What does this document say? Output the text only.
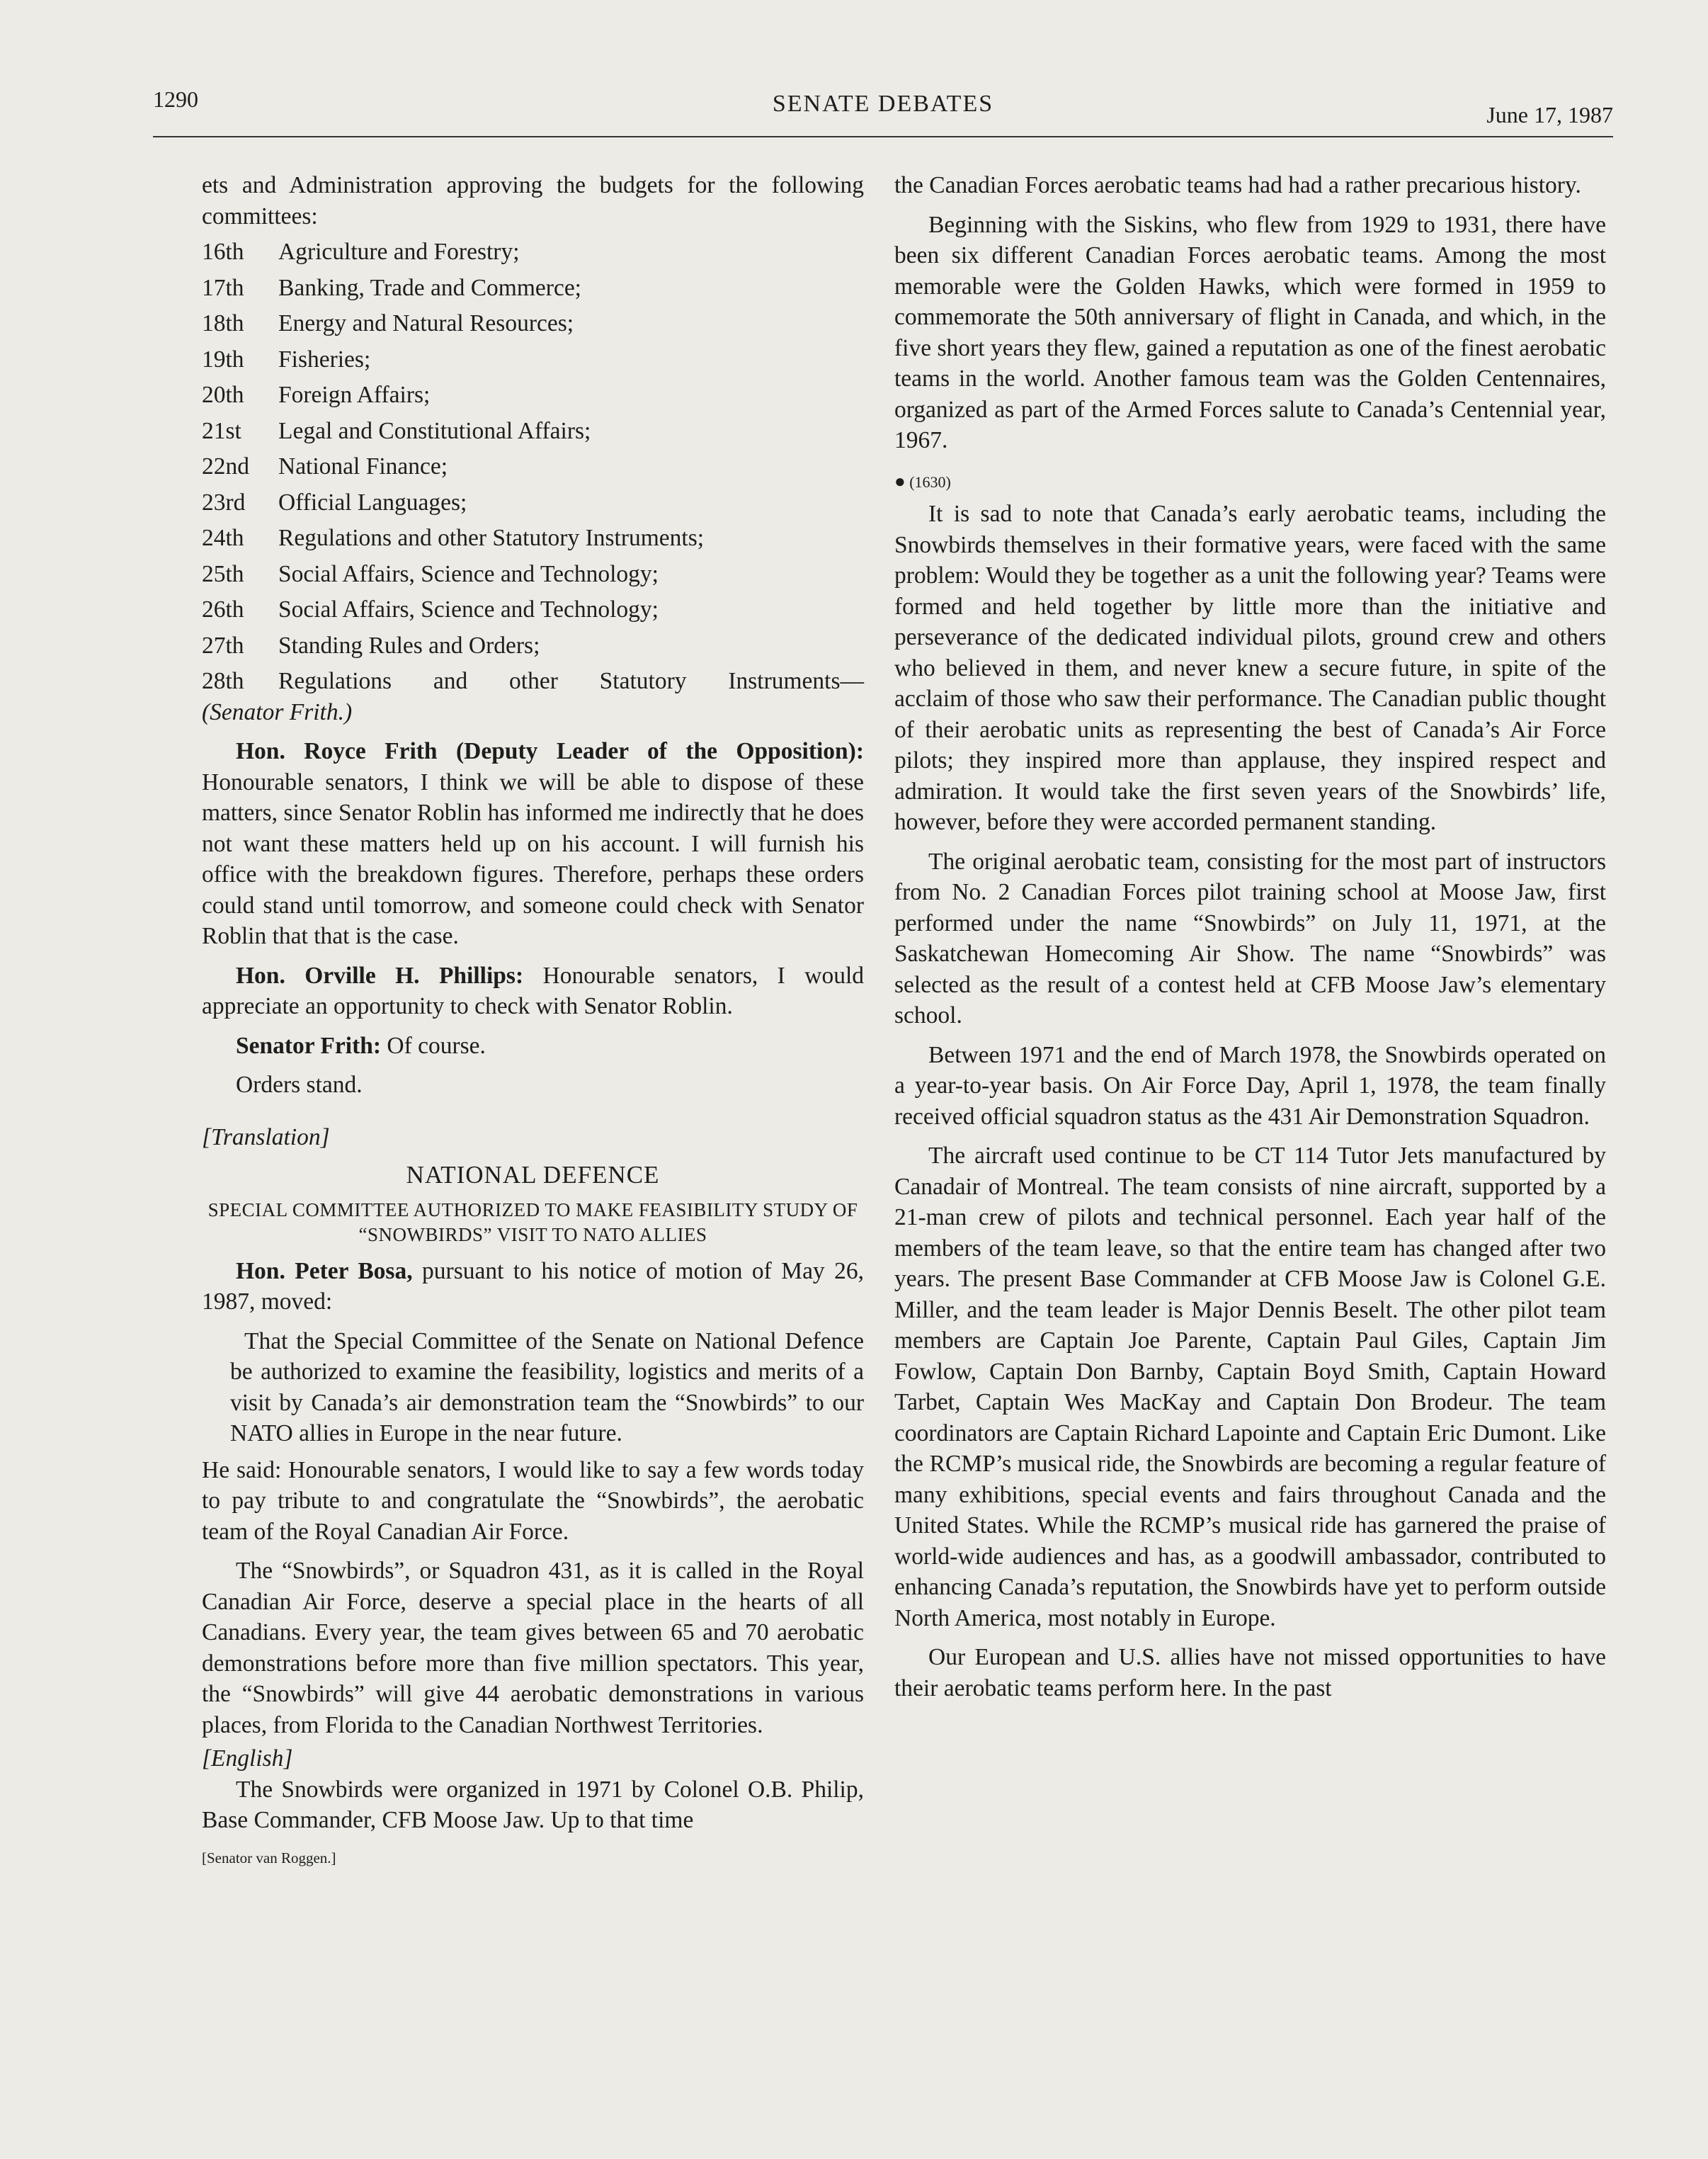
1290	SENATE DEBATES	June 17, 1987

ets and Administration approving the budgets for the following committees:

16th	Agriculture and Forestry;
17th	Banking, Trade and Commerce;
18th	Energy and Natural Resources;
19th	Fisheries;
20th	Foreign Affairs;
21st	Legal and Constitutional Affairs;
22nd	National Finance;
23rd	Official Languages;
24th	Regulations and other Statutory Instruments;
25th	Social Affairs, Science and Technology;
26th	Social Affairs, Science and Technology;
27th	Standing Rules and Orders;
28th	Regulations and other Statutory Instruments—
(Senator Frith.)

Hon. Royce Frith (Deputy Leader of the Opposition): Honourable senators, I think we will be able to dispose of these matters, since Senator Roblin has informed me indirectly that he does not want these matters held up on his account. I will furnish his office with the breakdown figures. Therefore, perhaps these orders could stand until tomorrow, and someone could check with Senator Roblin that that is the case.

Hon. Orville H. Phillips: Honourable senators, I would appreciate an opportunity to check with Senator Roblin.

Senator Frith: Of course.

Orders stand.

[Translation]
NATIONAL DEFENCE
SPECIAL COMMITTEE AUTHORIZED TO MAKE FEASIBILITY STUDY OF “SNOWBIRDS” VISIT TO NATO ALLIES

Hon. Peter Bosa, pursuant to his notice of motion of May 26, 1987, moved:

That the Special Committee of the Senate on National Defence be authorized to examine the feasibility, logistics and merits of a visit by Canada’s air demonstration team the “Snowbirds” to our NATO allies in Europe in the near future.

He said: Honourable senators, I would like to say a few words today to pay tribute to and congratulate the “Snowbirds”, the aerobatic team of the Royal Canadian Air Force.

The “Snowbirds”, or Squadron 431, as it is called in the Royal Canadian Air Force, deserve a special place in the hearts of all Canadians. Every year, the team gives between 65 and 70 aerobatic demonstrations before more than five million spectators. This year, the “Snowbirds” will give 44 aerobatic demonstrations in various places, from Florida to the Canadian Northwest Territories.

[English]

The Snowbirds were organized in 1971 by Colonel O.B. Philip, Base Commander, CFB Moose Jaw. Up to that time

[Senator van Roggen.]

the Canadian Forces aerobatic teams had had a rather precarious history.

Beginning with the Siskins, who flew from 1929 to 1931, there have been six different Canadian Forces aerobatic teams. Among the most memorable were the Golden Hawks, which were formed in 1959 to commemorate the 50th anniversary of flight in Canada, and which, in the five short years they flew, gained a reputation as one of the finest aerobatic teams in the world. Another famous team was the Golden Centennaires, organized as part of the Armed Forces salute to Canada’s Centennial year, 1967.

● (1630)

It is sad to note that Canada’s early aerobatic teams, including the Snowbirds themselves in their formative years, were faced with the same problem: Would they be together as a unit the following year? Teams were formed and held together by little more than the initiative and perseverance of the dedicated individual pilots, ground crew and others who believed in them, and never knew a secure future, in spite of the acclaim of those who saw their performance. The Canadian public thought of their aerobatic units as representing the best of Canada’s Air Force pilots; they inspired more than applause, they inspired respect and admiration. It would take the first seven years of the Snowbirds’ life, however, before they were accorded permanent standing.

The original aerobatic team, consisting for the most part of instructors from No. 2 Canadian Forces pilot training school at Moose Jaw, first performed under the name “Snowbirds” on July 11, 1971, at the Saskatchewan Homecoming Air Show. The name “Snowbirds” was selected as the result of a contest held at CFB Moose Jaw’s elementary school.

Between 1971 and the end of March 1978, the Snowbirds operated on a year-to-year basis. On Air Force Day, April 1, 1978, the team finally received official squadron status as the 431 Air Demonstration Squadron.

The aircraft used continue to be CT 114 Tutor Jets manufactured by Canadair of Montreal. The team consists of nine aircraft, supported by a 21-man crew of pilots and technical personnel. Each year half of the members of the team leave, so that the entire team has changed after two years. The present Base Commander at CFB Moose Jaw is Colonel G.E. Miller, and the team leader is Major Dennis Beselt. The other pilot team members are Captain Joe Parente, Captain Paul Giles, Captain Jim Fowlow, Captain Don Barnby, Captain Boyd Smith, Captain Howard Tarbet, Captain Wes MacKay and Captain Don Brodeur. The team coordinators are Captain Richard Lapointe and Captain Eric Dumont. Like the RCMP’s musical ride, the Snowbirds are becoming a regular feature of many exhibitions, special events and fairs throughout Canada and the United States. While the RCMP’s musical ride has garnered the praise of world-wide audiences and has, as a goodwill ambassador, contributed to enhancing Canada’s reputation, the Snowbirds have yet to perform outside North America, most notably in Europe.

Our European and U.S. allies have not missed opportunities to have their aerobatic teams perform here. In the past
